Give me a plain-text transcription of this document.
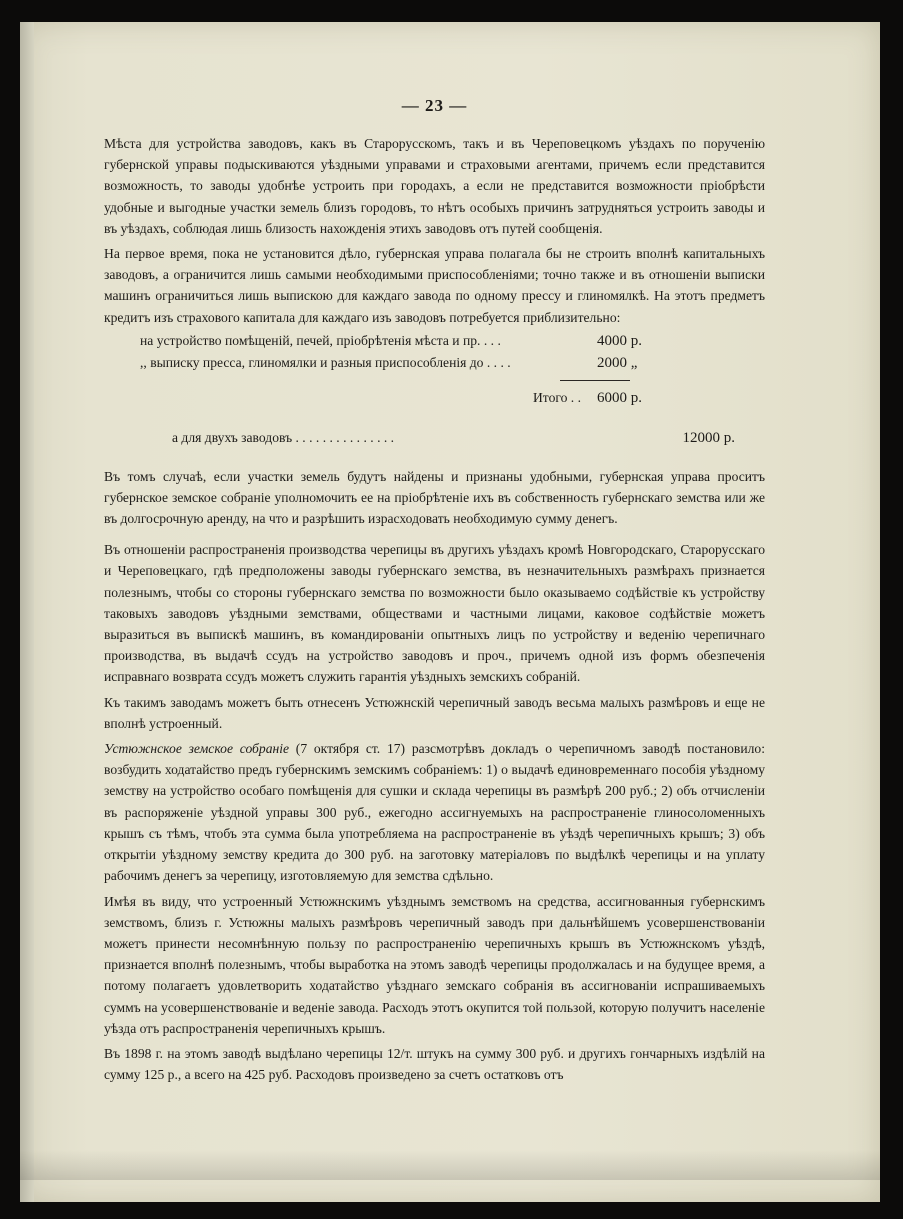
— 23 —

Мѣста для устройства заводовъ, какъ въ Старорусскомъ, такъ и въ Череповецкомъ уѣздахъ по порученію губернской управы подыскиваются уѣздными управами и страховыми агентами, причемъ если представится возможность, то заводы удобнѣе устроить при городахъ, а если не представится возможности пріобрѣсти удобные и выгодные участки земель близъ городовъ, то нѣтъ особыхъ причинъ затрудняться устроить заводы и въ уѣздахъ, соблюдая лишь близость нахожденія этихъ заводовъ отъ путей сообщенія.

На первое время, пока не установится дѣло, губернская управа полагала бы не строить вполнѣ капитальныхъ заводовъ, а ограничится лишь самыми необходимыми приспособленіями; точно также и въ отношеніи выписки машинъ ограничиться лишь выпискою для каждаго завода по одному прессу и глиномялкѣ. На этотъ предметъ кредитъ изъ страхового капитала для каждаго изъ заводовъ потребуется приблизительно:

на устройство помѣщеній, печей, пріобрѣтенія мѣста и пр. . . .	4000 р.
,, выписку пресса, глиномялки и разныя приспособленія до . . . .	2000 „
Итого . . 6000 р.
а для двухъ заводовъ . . . . . . . . . . . . . . .	12000 р.

Въ томъ случаѣ, если участки земель будутъ найдены и признаны удобными, губернская управа проситъ губернское земское собраніе уполномочить ее на пріобрѣтеніе ихъ въ собственность губернскаго земства или же въ долгосрочную аренду, на что и разрѣшить израсходовать необходимую сумму денегъ.

Въ отношеніи распространенія производства черепицы въ другихъ уѣздахъ кромѣ Новгородскаго, Старорусскаго и Череповецкаго, гдѣ предположены заводы губернскаго земства, въ незначительныхъ размѣрахъ признается полезнымъ, чтобы со стороны губернскаго земства по возможности было оказываемо содѣйствіе къ устройству таковыхъ заводовъ уѣздными земствами, обществами и частными лицами, каковое содѣйствіе можетъ выразиться въ выпискѣ машинъ, въ командированіи опытныхъ лицъ по устройству и веденію черепичнаго производства, въ выдачѣ ссудъ на устройство заводовъ и проч., причемъ одной изъ формъ обезпеченія исправнаго возврата ссудъ можетъ служить гарантія уѣздныхъ земскихъ собраній.

Къ такимъ заводамъ можетъ быть отнесенъ Устюжнскій черепичный заводъ весьма малыхъ размѣровъ и еще не вполнѣ устроенный.

Устюжнское земское собраніе (7 октября ст. 17) разсмотрѣвъ докладъ о черепичномъ заводѣ постановило: возбудить ходатайство предъ губернскимъ земскимъ собраніемъ: 1) о выдачѣ единовременнаго пособія уѣздному земству на устройство особаго помѣщенія для сушки и склада черепицы въ размѣрѣ 200 руб.; 2) объ отчисленіи въ распоряженіе уѣздной управы 300 руб., ежегодно ассигнуемыхъ на распространеніе глиносоломенныхъ крышъ съ тѣмъ, чтобъ эта сумма была употребляема на распространеніе въ уѣздѣ черепичныхъ крышъ; 3) объ открытіи уѣздному земству кредита до 300 руб. на заготовку матеріаловъ по выдѣлкѣ черепицы и на уплату рабочимъ денегъ за черепицу, изготовляемую для земства сдѣльно.

Имѣя въ виду, что устроенный Устюжнскимъ уѣзднымъ земствомъ на средства, ассигнованныя губернскимъ земствомъ, близъ г. Устюжны малыхъ размѣровъ черепичный заводъ при дальнѣйшемъ усовершенствованіи можетъ принести несомнѣнную пользу по распространенію черепичныхъ крышъ въ Устюжнскомъ уѣздѣ, признается вполнѣ полезнымъ, чтобы выработка на этомъ заводѣ черепицы продолжалась и на будущее время, а потому полагаетъ удовлетворить ходатайство уѣзднаго земскаго собранія въ ассигнованіи испрашиваемыхъ суммъ на усовершенствованіе и веденіе завода. Расходъ этотъ окупится той пользой, которую получитъ населеніе уѣзда отъ распространенія черепичныхъ крышъ.

Въ 1898 г. на этомъ заводѣ выдѣлано черепицы 12/т. штукъ на сумму 300 руб. и другихъ гончарныхъ издѣлій на сумму 125 р., а всего на 425 руб. Расходовъ произведено за счетъ остатковъ отъ
